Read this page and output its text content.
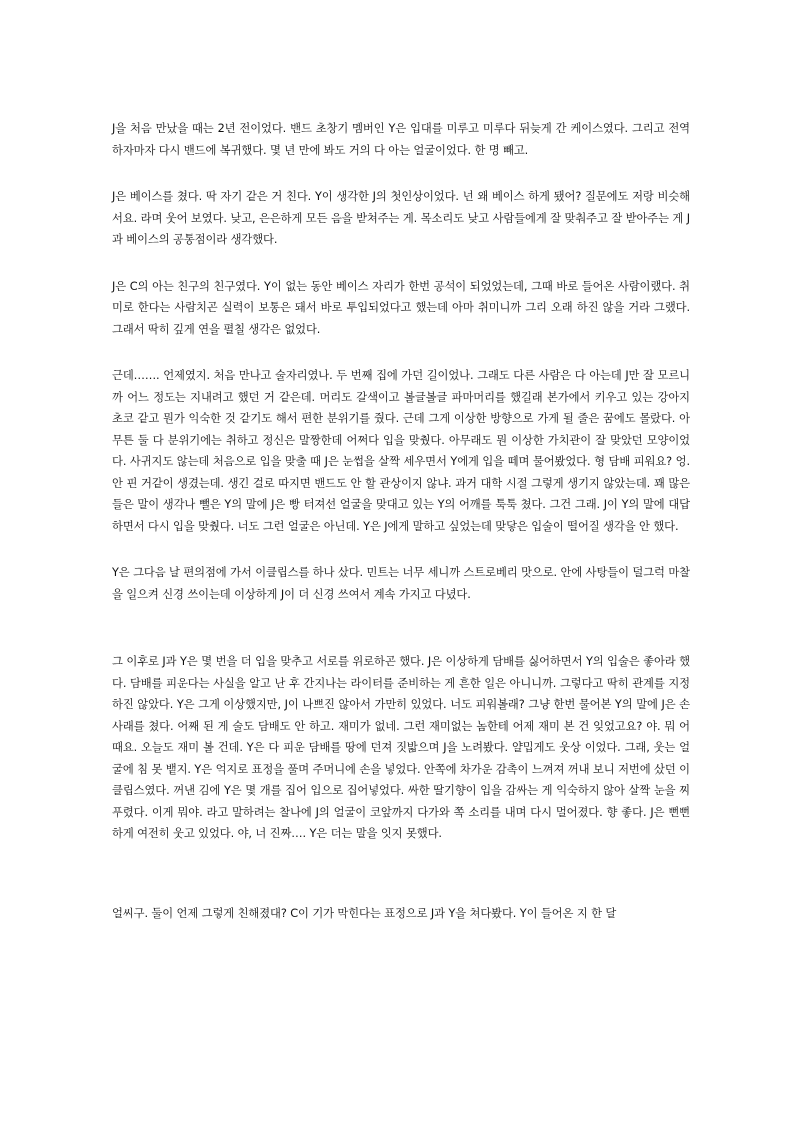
J을 처음 만났을 때는 2년 전이었다. 밴드 초창기 멤버인 Y은 입대를 미루고 미루다 뒤늦게 간 케이스였다. 그리고 전역하자마자 다시 밴드에 복귀했다. 몇 년 만에 봐도 거의 다 아는 얼굴이었다. 한 명 빼고.

J은 베이스를 쳤다. 딱 자기 같은 거 친다. Y이 생각한 J의 첫인상이었다. 넌 왜 베이스 하게 됐어? 질문에도 저랑 비슷해서요. 라며 웃어 보였다. 낮고, 은은하게 모든 음을 받쳐주는 게. 목소리도 낮고 사람들에게 잘 맞춰주고 잘 받아주는 게 J과 베이스의 공통점이라 생각했다.

J은 C의 아는 친구의 친구였다. Y이 없는 동안 베이스 자리가 한번 공석이 되었었는데, 그때 바로 들어온 사람이랬다. 취미로 한다는 사람치곤 실력이 보통은 돼서 바로 투입되었다고 했는데 아마 취미니까 그리 오래 하진 않을 거라 그랬다. 그래서 딱히 깊게 연을 펼칠 생각은 없었다.

근데……. 언제였지. 처음 만나고 술자리였나. 두 번째 집에 가던 길이었나. 그래도 다른 사람은 다 아는데 J만 잘 모르니까 어느 정도는 지내려고 했던 거 같은데. 머리도 갈색이고 볼글볼글 파마머리를 했길래 본가에서 키우고 있는 강아지 초코 같고 뭔가 익숙한 것 같기도 해서 편한 분위기를 줬다. 근데 그게 이상한 방향으로 가게 될 줄은 꿈에도 몰랐다. 아무튼 둘 다 분위기에는 취하고 정신은 말짱한데 어쩌다 입을 맞췄다. 아무래도 뭔 이상한 가치관이 잘 맞았던 모양이었다. 사귀지도 않는데 처음으로 입을 맞출 때 J은 눈썹을 살짝 세우면서 Y에게 입을 떼며 물어봤었다. 형 담배 피워요? 엉. 안 핀 거같이 생겼는데. 생긴 걸로 따지면 밴드도 안 할 관상이지 않냐. 과거 대학 시절 그렇게 생기지 않았는데. 꽤 많은 들은 말이 생각나 뺄은 Y의 말에 J은 빵 터져선 얼굴을 맞대고 있는 Y의 어깨를 툭툭 쳤다. 그건 그래. J이 Y의 말에 대답하면서 다시 입을 맞췄다. 너도 그런 얼굴은 아닌데. Y은 J에게 말하고 싶었는데 맞닿은 입술이 떨어질 생각을 안 했다.

Y은 그다음 날 편의점에 가서 이클립스를 하나 샀다. 민트는 너무 세니까 스트로베리 맛으로. 안에 사탕들이 덜그럭 마찰을 일으켜 신경 쓰이는데 이상하게 J이 더 신경 쓰여서 계속 가지고 다녔다.

그 이후로 J과 Y은 몇 번을 더 입을 맞추고 서로를 위로하곤 했다. J은 이상하게 담배를 싫어하면서 Y의 입술은 좋아라 했다. 담배를 피운다는 사실을 알고 난 후 간지나는 라이터를 준비하는 게 흔한 일은 아니니까. 그렇다고 딱히 관계를 지정하진 않았다. Y은 그게 이상했지만, J이 나쁘진 않아서 가만히 있었다. 너도 피워볼래? 그냥 한번 물어본 Y의 말에 J은 손사래를 쳤다. 어째 된 게 술도 담배도 안 하고. 재미가 없네. 그런 재미없는 놈한테 어제 재미 본 건 잊었고요? 야. 뭐 어때요. 오늘도 재미 볼 건데. Y은 다 피운 담배를 땅에 던져 짓밟으며 J을 노려봤다. 얄밉게도 웃상 이었다. 그래, 웃는 얼굴에 침 못 뱉지. Y은 억지로 표정을 풀며 주머니에 손을 넣었다. 안쪽에 차가운 감촉이 느껴져 꺼내 보니 저번에 샀던 이클립스였다. 꺼낸 김에 Y은 몇 개를 집어 입으로 집어넣었다. 싸한 딸기향이 입을 감싸는 게 익숙하지 않아 살짝 눈을 찌푸렸다. 이게 뭐야. 라고 말하려는 찰나에 J의 얼굴이 코앞까지 다가와 쪽 소리를 내며 다시 멀어졌다. 향 좋다. J은 뻔뻔하게 여전히 웃고 있었다. 야, 너 진짜…. Y은 더는 말을 잇지 못했다.

얼씨구. 둘이 언제 그렇게 친해졌대? C이 기가 막힌다는 표정으로 J과 Y을 쳐다봤다. Y이 들어온 지 한 달
